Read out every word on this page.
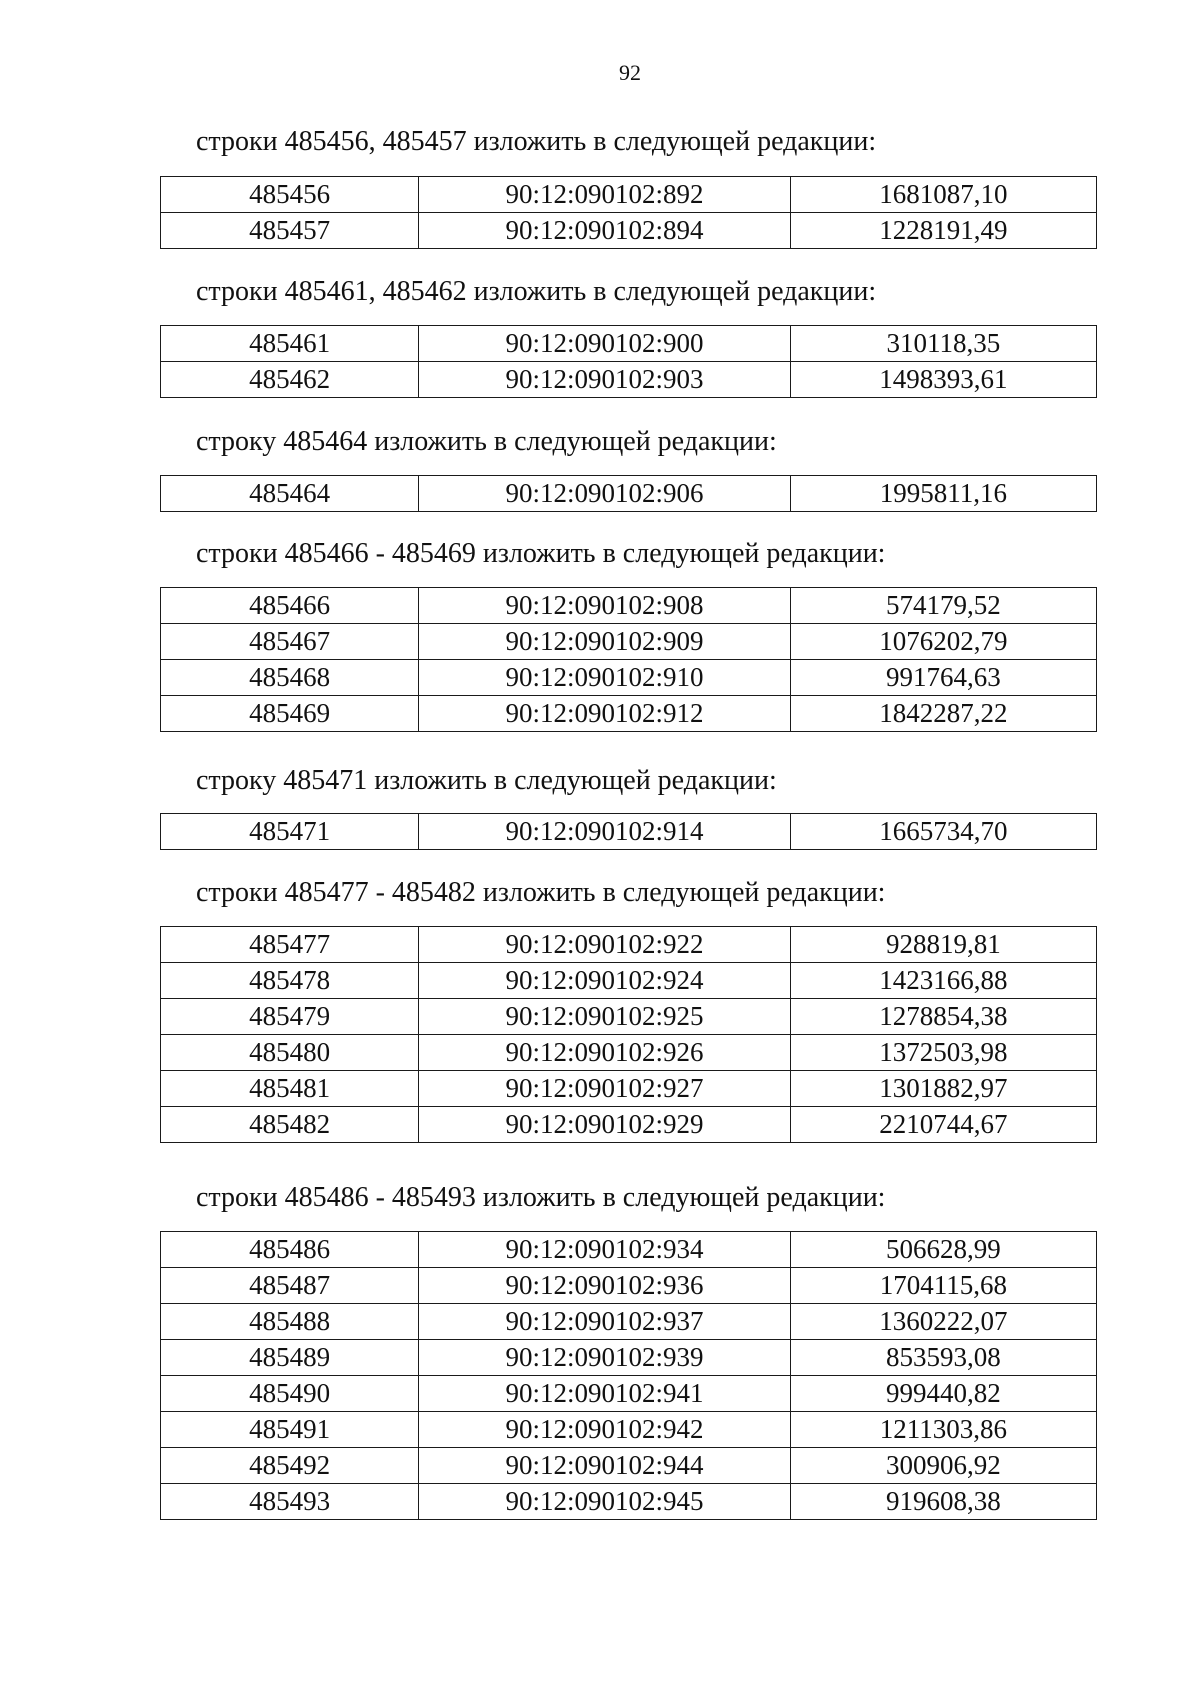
92

строки 485456, 485457 изложить в следующей редакции:

485456	90:12:090102:892	1681087,10
485457	90:12:090102:894	1228191,49

строки 485461, 485462 изложить в следующей редакции:

485461	90:12:090102:900	310118,35
485462	90:12:090102:903	1498393,61

строку 485464 изложить в следующей редакции:

485464	90:12:090102:906	1995811,16

строки 485466 - 485469 изложить в следующей редакции:

485466	90:12:090102:908	574179,52
485467	90:12:090102:909	1076202,79
485468	90:12:090102:910	991764,63
485469	90:12:090102:912	1842287,22

строку 485471 изложить в следующей редакции:

485471	90:12:090102:914	1665734,70

строки 485477 - 485482 изложить в следующей редакции:

485477	90:12:090102:922	928819,81
485478	90:12:090102:924	1423166,88
485479	90:12:090102:925	1278854,38
485480	90:12:090102:926	1372503,98
485481	90:12:090102:927	1301882,97
485482	90:12:090102:929	2210744,67

строки 485486 - 485493 изложить в следующей редакции:

485486	90:12:090102:934	506628,99
485487	90:12:090102:936	1704115,68
485488	90:12:090102:937	1360222,07
485489	90:12:090102:939	853593,08
485490	90:12:090102:941	999440,82
485491	90:12:090102:942	1211303,86
485492	90:12:090102:944	300906,92
485493	90:12:090102:945	919608,38
